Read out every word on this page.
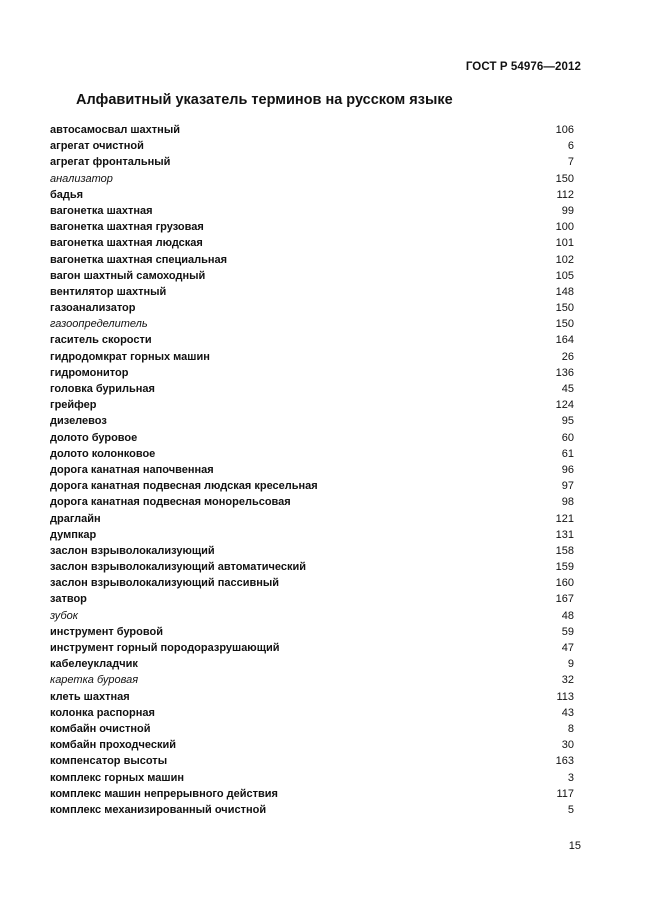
ГОСТ Р 54976—2012
Алфавитный указатель терминов на русском языке
автосамосвал шахтный	106
агрегат очистной	6
агрегат фронтальный	7
анализатор	150
бадья	112
вагонетка шахтная	99
вагонетка шахтная грузовая	100
вагонетка шахтная людская	101
вагонетка шахтная специальная	102
вагон шахтный самоходный	105
вентилятор шахтный	148
газоанализатор	150
газоопределитель	150
гаситель скорости	164
гидродомкрат горных машин	26
гидромонитор	136
головка бурильная	45
грейфер	124
дизелевоз	95
долото буровое	60
долото колонковое	61
дорога канатная напочвенная	96
дорога канатная подвесная людская кресельная	97
дорога канатная подвесная монорельсовая	98
драглайн	121
думпкар	131
заслон взрыволокализующий	158
заслон взрыволокализующий автоматический	159
заслон взрыволокализующий пассивный	160
затвор	167
зубок	48
инструмент буровой	59
инструмент горный породоразрушающий	47
кабелеукладчик	9
каретка буровая	32
клеть шахтная	113
колонка распорная	43
комбайн очистной	8
комбайн проходческий	30
компенсатор высоты	163
комплекс горных машин	3
комплекс машин непрерывного действия	117
комплекс механизированный очистной	5
15
